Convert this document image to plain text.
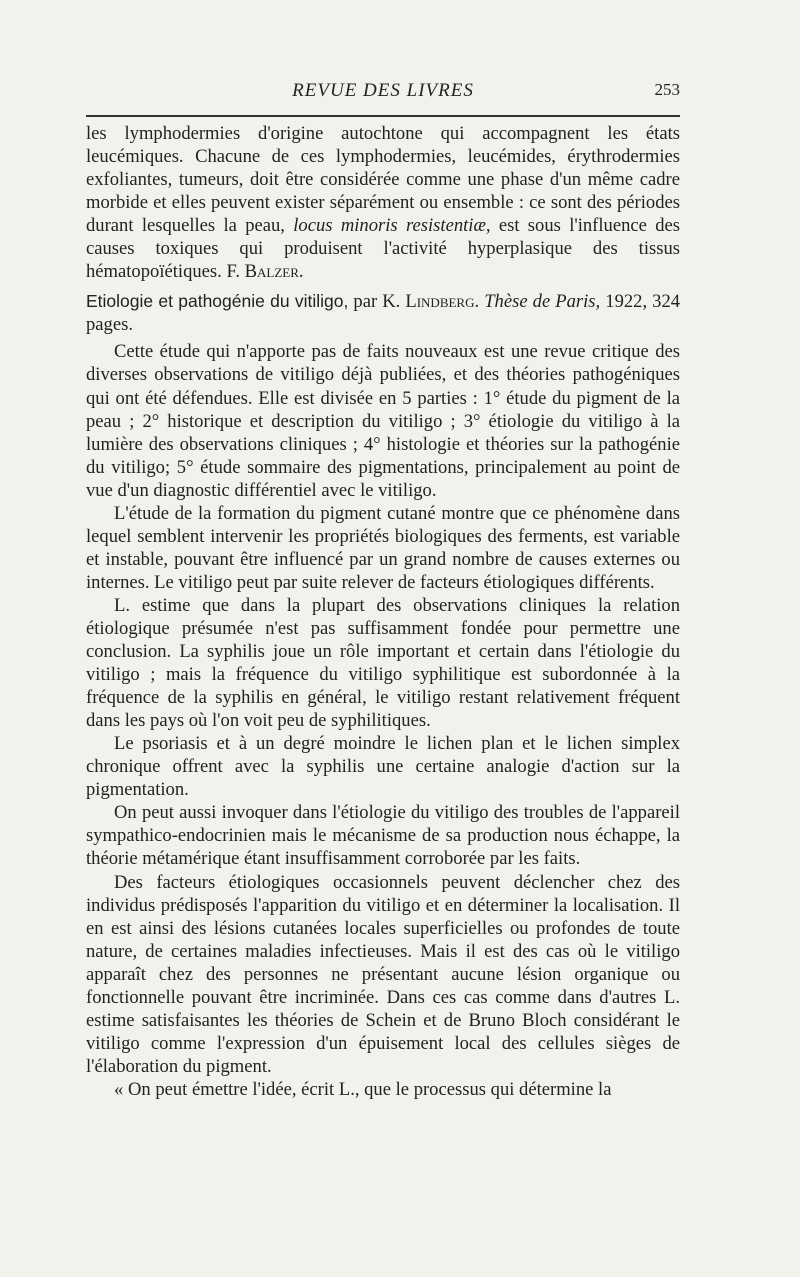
REVUE DES LIVRES	253

les lymphodermies d'origine autochtone qui accompagnent les états leucémiques. Chacune de ces lymphodermies, leucémides, érythrodermies exfoliantes, tumeurs, doit être considérée comme une phase d'un même cadre morbide et elles peuvent exister séparément ou ensemble : ce sont des périodes durant lesquelles la peau, locus minoris resistentiæ, est sous l'influence des causes toxiques qui produisent l'activité hyperplasique des tissus hématopoïétiques. F. Balzer.

Etiologie et pathogénie du vitiligo, par K. Lindberg. Thèse de Paris, 1922, 324 pages.

Cette étude qui n'apporte pas de faits nouveaux est une revue critique des diverses observations de vitiligo déjà publiées, et des théories pathogéniques qui ont été défendues. Elle est divisée en 5 parties : 1° étude du pigment de la peau ; 2° historique et description du vitiligo ; 3° étiologie du vitiligo à la lumière des observations cliniques ; 4° histologie et théories sur la pathogénie du vitiligo; 5° étude sommaire des pigmentations, principalement au point de vue d'un diagnostic différentiel avec le vitiligo.

L'étude de la formation du pigment cutané montre que ce phénomène dans lequel semblent intervenir les propriétés biologiques des ferments, est variable et instable, pouvant être influencé par un grand nombre de causes externes ou internes. Le vitiligo peut par suite relever de facteurs étiologiques différents.

L. estime que dans la plupart des observations cliniques la relation étiologique présumée n'est pas suffisamment fondée pour permettre une conclusion. La syphilis joue un rôle important et certain dans l'étiologie du vitiligo ; mais la fréquence du vitiligo syphilitique est subordonnée à la fréquence de la syphilis en général, le vitiligo restant relativement fréquent dans les pays où l'on voit peu de syphilitiques.

Le psoriasis et à un degré moindre le lichen plan et le lichen simplex chronique offrent avec la syphilis une certaine analogie d'action sur la pigmentation.

On peut aussi invoquer dans l'étiologie du vitiligo des troubles de l'appareil sympathico-endocrinien mais le mécanisme de sa production nous échappe, la théorie métamérique étant insuffisamment corroborée par les faits.

Des facteurs étiologiques occasionnels peuvent déclencher chez des individus prédisposés l'apparition du vitiligo et en déterminer la localisation. Il en est ainsi des lésions cutanées locales superficielles ou profondes de toute nature, de certaines maladies infectieuses. Mais il est des cas où le vitiligo apparaît chez des personnes ne présentant aucune lésion organique ou fonctionnelle pouvant être incriminée. Dans ces cas comme dans d'autres L. estime satisfaisantes les théories de Schein et de Bruno Bloch considérant le vitiligo comme l'expression d'un épuisement local des cellules sièges de l'élaboration du pigment.

« On peut émettre l'idée, écrit L., que le processus qui détermine la
